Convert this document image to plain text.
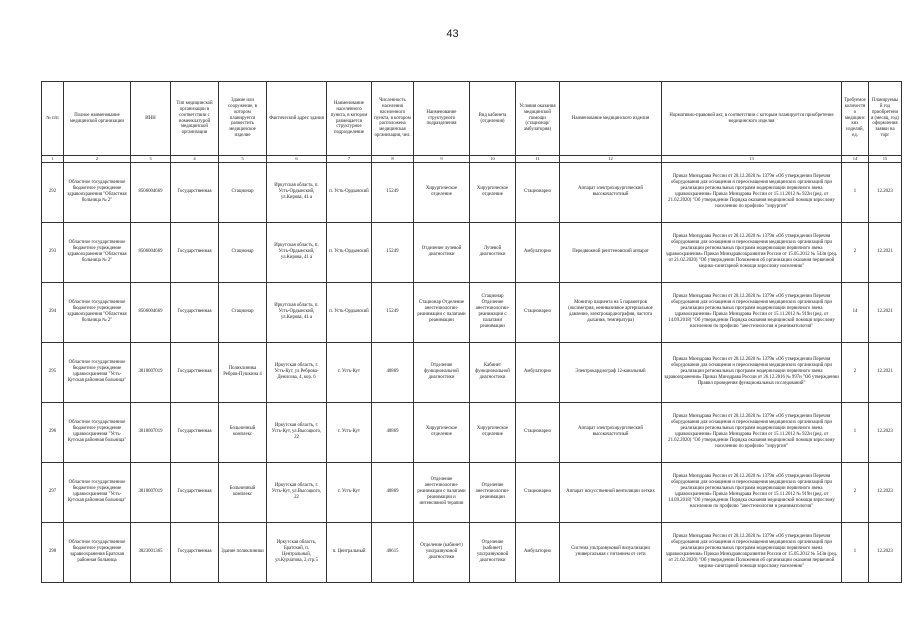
43
№ п/п	Полное наименование медицинской организации	ИНН	Тип медицинской организации в соответствии с номенклатурой медицинской организации	Здание или сооружение, в котором планируется разместить медицинское изделие	Фактический адрес здания	Наименование населенного пункта, в котором размещается структурное подразделение	Численность населения населенного пункта, в котором расположена медицинская организация, чел.	Наименование структурного подразделения	Вид кабинета (отделения)	Условия оказания медицинской помощи (стационар/амбулатория)	Наименование медицинского изделия	Нормативно-правовой акт, в соответствии с которым планируется приобретение медицинского изделия	Требуемое количество медицинских изделий, ед.	Планируемый год приобретения (месяц, год) оформления заявки на торг
1	2	3	4	5	6	7	8	9	10	11	12	13	14	15
292	Областное государственное бюджетное учреждение здравоохранения "Областная больница № 2"	8506004669	Государственная	Стационар	Иркутская область, п. Усть-Ордынский, ул.Кирова, 41 а	п. Усть-Ордынский	15249	Хирургическое отделение	Хирургическое отделение	Стационарно	Аппарат электрохирургический высокочастотный	Приказ Минздрава России от 28.12.2020 № 1379н «Об утверждении Перечня оборудования для оснащения и переоснащения медицинских организаций при реализации региональных программ модернизации первичного звена здравоохранения» Приказ Минздрава России от 15.11.2012 № 922н (ред. от 21.02.2020) "Об утверждении Порядка оказания медицинской помощи взрослому населению по профилю "хирургия"	1	12.2023
293	Областное государственное бюджетное учреждение здравоохранения "Областная больница № 2"	8506004669	Государственная	Стационар	Иркутская область, п. Усть-Ордынский, ул.Кирова, 41 а	п. Усть-Ордынский	15249	Отделение лучевой диагностики	Лучевой диагностики	Амбулаторно	Передвижной рентгеновский аппарат	Приказ Минздрава России от 28.12.2020 № 1379н «Об утверждении Перечня оборудования для оснащения и переоснащения медицинских организаций при реализации региональных программ модернизации первичного звена здравоохранения» Приказ Минздравсоцразвития России от 15.05.2012 № 543н (ред. от 21.02.2020) "Об утверждении Положения об организации оказания первичной медико-санитарной помощи взрослому населению"	2	12.2021
294	Областное государственное бюджетное учреждение здравоохранения "Областная больница № 2"	8506004669	Государственная	Стационар	Иркутская область, п. Усть-Ордынский, ул.Кирова, 41 а	п. Усть-Ордынский	15249	Стационар Отделение анестезиологии-реанимации с палатами реанимации	Стационар Отделение анестезиологии-реанимации с палатами реанимации	Стационарно	Монитор пациента на 5 параметров (оксиметрия, неинвазивное артериальное давление, электрокардиография, частота дыхания, температура)	Приказ Минздрава России от 28.12.2020 № 1379н «Об утверждении Перечня оборудования для оснащения и переоснащения медицинских организаций при реализации региональных программ модернизации первичного звена здравоохранения» Приказ Минздрава России от 15.11.2012 № 919н (ред. от 14.09.2018) "Об утверждении Порядка оказания медицинской помощи взрослому населению по профилю "анестезиология и реаниматология"	14	12.2021
295	Областное государственное бюджетное учреждение здравоохранения "Усть-Кутская районная больница"	3818007019	Государственная	Поликлиника Ребров-Пушкина 4	Иркутская область, г. Усть-Кут, ул.Реброва-Денисова, 4, кор. 6	г. Усть-Кут	40869	Отделение функциональной диагностики	Кабинет функциональной диагностики	Амбулаторно	Электрокардиограф 12-канальный	Приказ Минздрава России от 28.12.2020 № 1379н «Об утверждении Перечня оборудования для оснащения и переоснащения медицинских организаций при реализации региональных программ модернизации первичного звена здравоохранения» Приказ Минздрава России от 26.12.2016 № 997н "Об утверждении Правил проведения функциональных исследований"	2	12.2021
296	Областное государственное бюджетное учреждение здравоохранения "Усть-Кутская районная больница"	3818007019	Государственная	Больничный комплекс	Иркутская область, г. Усть-Кут, ул.Высоцкого, 22	г. Усть-Кут	40869	Хирургическое отделение	Хирургическое отделение	Стационарно	Аппарат электрохирургический высокочастотный	Приказ Минздрава России от 28.12.2020 № 1379н «Об утверждении Перечня оборудования для оснащения и переоснащения медицинских организаций при реализации региональных программ модернизации первичного звена здравоохранения» Приказ Минздрава России от 15.11.2012 № 922н (ред. от 21.02.2020) "Об утверждении Порядка оказания медицинской помощи взрослому населению по профилю "хирургия"	1	12.2023
297	Областное государственное бюджетное учреждение здравоохранения "Усть-Кутская районная больница"	3818007019	Государственная	Больничный комплекс	Иркутская область, г. Усть-Кут, ул.Высоцкого, 22	г. Усть-Кут	40869	Отделение анестезиологии-реанимации с палатами реанимации и интенсивной терапии	Отделение анестезиологии-реанимации	Стационарно	Аппарат искусственной вентиляции легких	Приказ Минздрава России от 28.12.2020 № 1379н «Об утверждении Перечня оборудования для оснащения и переоснащения медицинских организаций при реализации региональных программ модернизации первичного звена здравоохранения» Приказ Минздрава России от 15.11.2012 № 919н (ред. от 14.09.2018) "Об утверждении Порядка оказания медицинской помощи взрослому населению по профилю "анестезиология и реаниматология"	2	12.2023
298	Областное государственное бюджетное учреждение здравоохранения Братская районная больница	3823001365	Государственная	Здание поликлиники	Иркутская область, Братский, п. Центральный, ул.Курчатова, 2,стр.5	п. Центральный	40615	Отделение (кабинет) ультразвуковой диагностики	Отделение (кабинет) ультразвуковой диагностики	Амбулаторно	Система ультразвуковой визуализации универсальная с питанием от сети	Приказ Минздрава России от 28.12.2020 № 1379н «Об утверждении Перечня оборудования для оснащения и переоснащения медицинских организаций при реализации региональных программ модернизации первичного звена здравоохранения» Приказ Минздравсоцразвития России от 15.05.2012 № 543н (ред. от 21.02.2020) "Об утверждении Положения об организации оказания первичной медико-санитарной помощи взрослому населению"	1	12.2023
